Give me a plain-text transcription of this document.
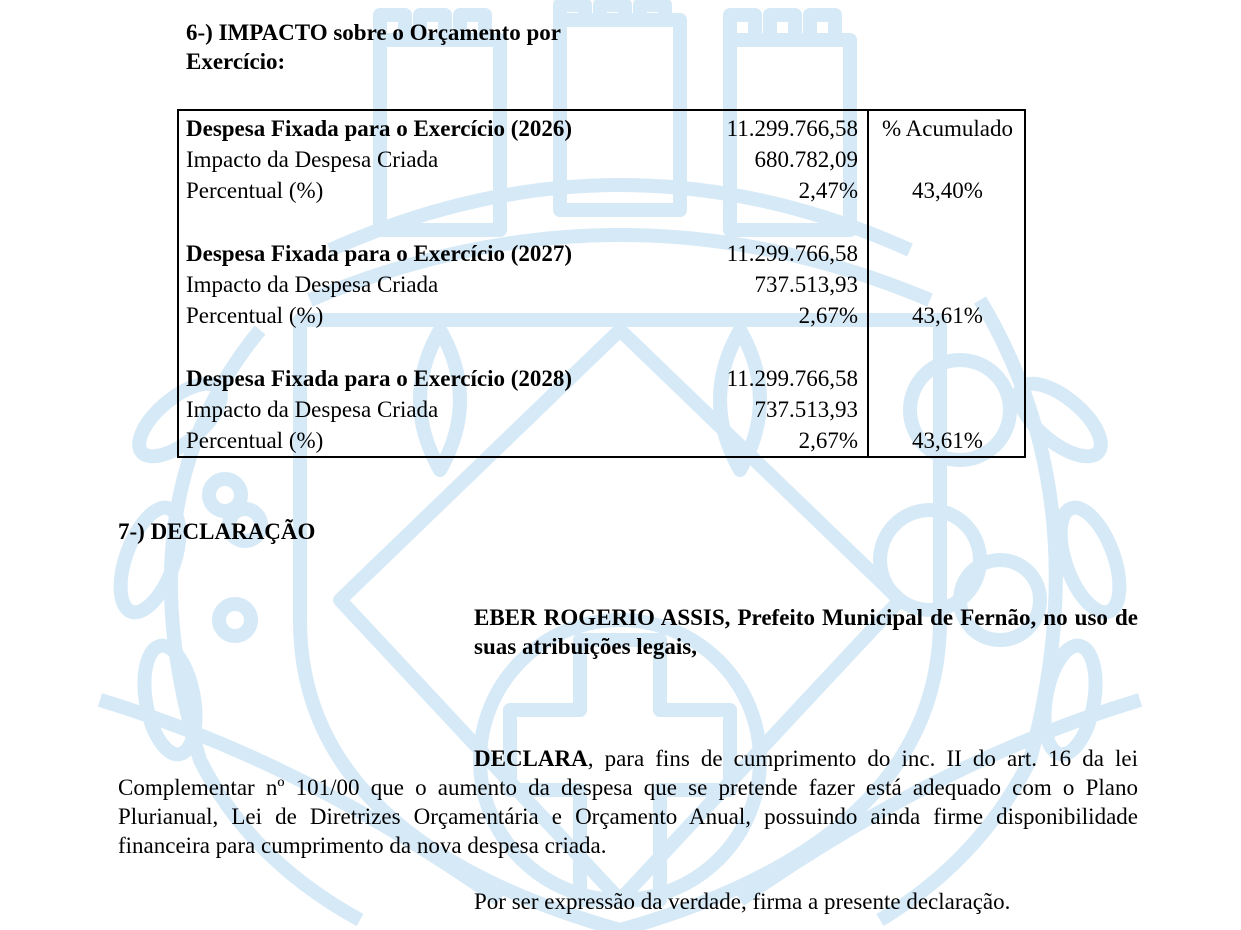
6-) IMPACTO sobre o Orçamento por Exercício:
Despesa Fixada para o Exercício (2026)	11.299.766,58	% Acumulado
Impacto da Despesa Criada	680.782,09
Percentual (%)	2,47%	43,40%
Despesa Fixada para o Exercício (2027)	11.299.766,58
Impacto da Despesa Criada	737.513,93
Percentual (%)	2,67%	43,61%
Despesa Fixada para o Exercício (2028)	11.299.766,58
Impacto da Despesa Criada	737.513,93
Percentual (%)	2,67%	43,61%
7-) DECLARAÇÃO
EBER ROGERIO ASSIS, Prefeito Municipal de Fernão, no uso de suas atribuições legais,
DECLARA, para fins de cumprimento do inc. II do art. 16 da lei Complementar nº 101/00 que o aumento da despesa que se pretende fazer está adequado com o Plano Plurianual, Lei de Diretrizes Orçamentária e Orçamento Anual, possuindo ainda firme disponibilidade financeira para cumprimento da nova despesa criada.
Por ser expressão da verdade, firma a presente declaração.
